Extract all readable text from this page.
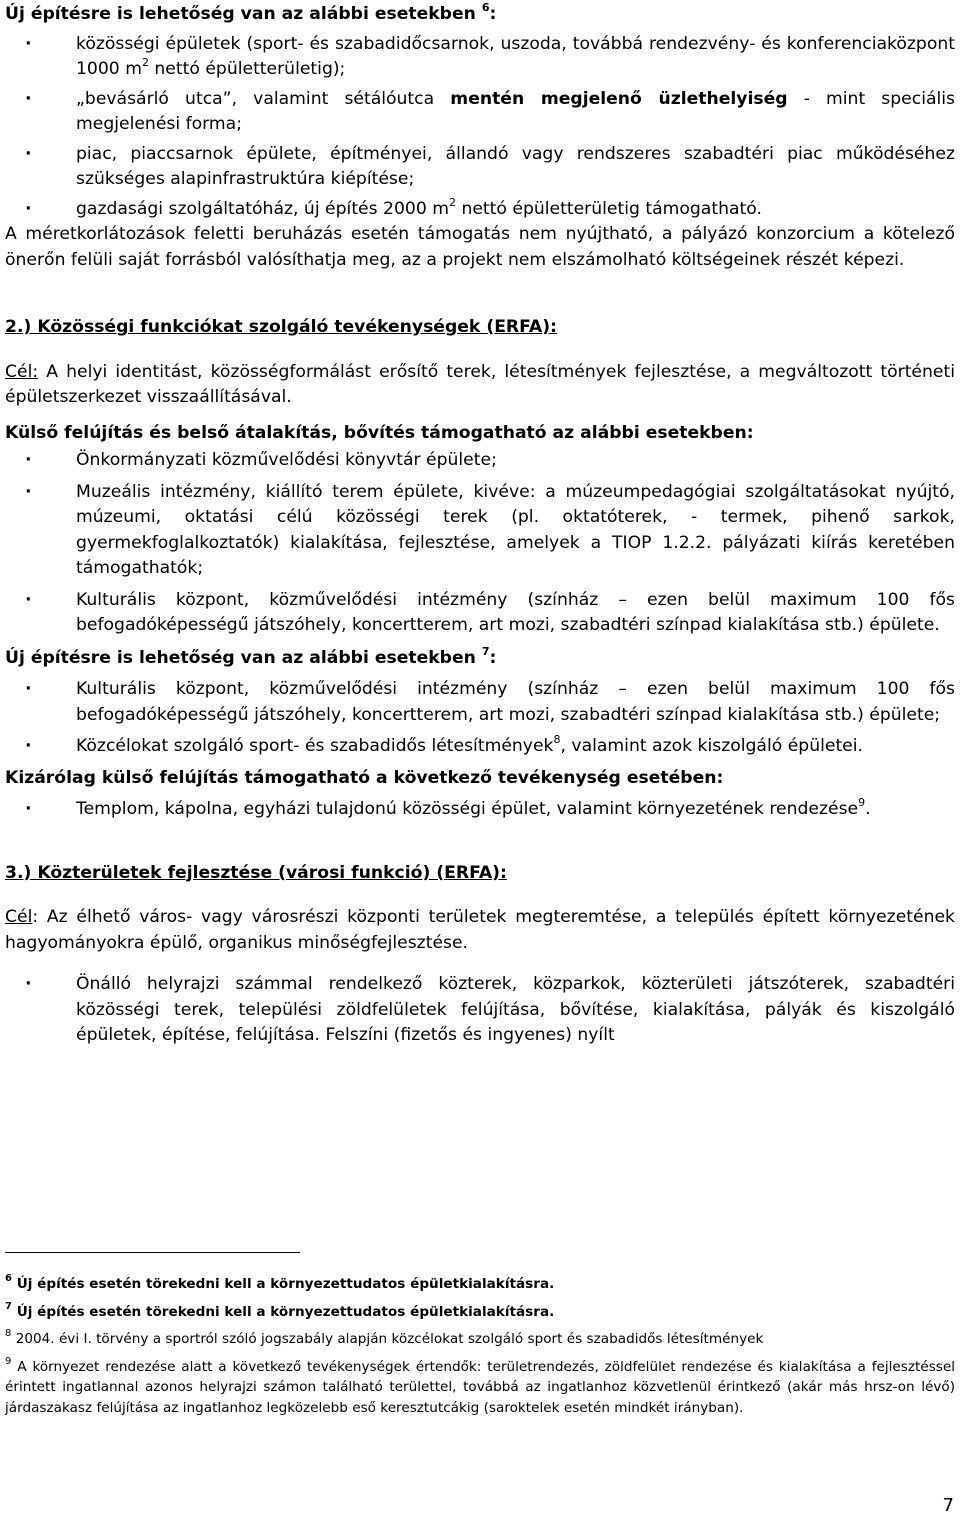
Új építésre is lehetőség van az alábbi esetekben $^6$:

· közösségi épületek (sport- és szabadidőcsarnok, uszoda, továbbá rendezvény- és konferenciaközpont 1000 $m^2$ nettó épületterületig);

· „bevásárló utca”, valamint sétálóutca mentén megjelenő üzlethelyiség - mint speciális megjelenési forma;

· piac, piaccsarnok épülete, építményei, állandó vagy rendszeres szabadtéri piac működéséhez szükséges alapinfrastruktúra kiépítése;

· gazdasági szolgáltatóház, új építés 2000 $m^2$ nettó épületterületig támogatható.

A méretkorlátozások feletti beruházás esetén támogatás nem nyújtható, a pályázó konzorcium a kötelező önerőn felüli saját forrásból valósíthatja meg, az a projekt nem elszámolható költségeinek részét képezi.

2.) Közösségi funkciókat szolgáló tevékenységek (ERFA):

Cél: A helyi identitást, közösségformálást erősítő terek, létesítmények fejlesztése, a megváltozott történeti épületszerkezet visszaállításával.

Külső felújítás és belső átalakítás, bővítés támogatható az alábbi esetekben:

· Önkormányzati közművelődési könyvtár épülete;

· Muzeális intézmény, kiállító terem épülete, kivéve: a múzeumpedagógiai szolgáltatásokat nyújtó, múzeumi, oktatási célú közösségi terek (pl. oktatóterek, - termek, pihenő sarkok, gyermekfoglalkoztatók) kialakítása, fejlesztése, amelyek a TIOP 1.2.2. pályázati kiírás keretében támogathatók;

· Kulturális központ, közművelődési intézmény (színház – ezen belül maximum 100 fős befogadóképességű játszóhely, koncertterem, art mozi, szabadtéri színpad kialakítása stb.) épülete.

Új építésre is lehetőség van az alábbi esetekben $^7$:

· Kulturális központ, közművelődési intézmény (színház – ezen belül maximum 100 fős befogadóképességű játszóhely, koncertterem, art mozi, szabadtéri színpad kialakítása stb.) épülete;

· Közcélokat szolgáló sport- és szabadidős létesítmények$^8$, valamint azok kiszolgáló épületei.

Kizárólag külső felújítás támogatható a következő tevékenység esetében:

· Templom, kápolna, egyházi tulajdonú közösségi épület, valamint környezetének rendezése$^9$.

3.) Közterületek fejlesztése (városi funkció) (ERFA):

Cél: Az élhető város- vagy városrészi központi területek megteremtése, a település épített környezetének hagyományokra épülő, organikus minőségfejlesztése.

· Önálló helyrajzi számmal rendelkező közterek, közparkok, közterületi játszóterek, szabadtéri közösségi terek, települési zöldfelületek felújítása, bővítése, kialakítása, pályák és kiszolgáló épületek, építése, felújítása. Felszíni (fizetős és ingyenes) nyílt

$^6$ Új építés esetén törekedni kell a környezettudatos épületkialakításra.

$^7$ Új építés esetén törekedni kell a környezettudatos épületkialakításra.

$^8$ 2004. évi I. törvény a sportról szóló jogszabály alapján közcélokat szolgáló sport és szabadidős létesítmények

$^9$ A környezet rendezése alatt a következő tevékenységek értendők: területrendezés, zöldfelület rendezése és kialakítása a fejlesztéssel érintett ingatlannal azonos helyrajzi számon található területtel, továbbá az ingatlanhoz közvetlenül érintkező (akár más hrsz-on lévő) járdaszakasz felújítása az ingatlanhoz legközelebb eső keresztutcákig (saroktelek esetén mindkét irányban).

7
